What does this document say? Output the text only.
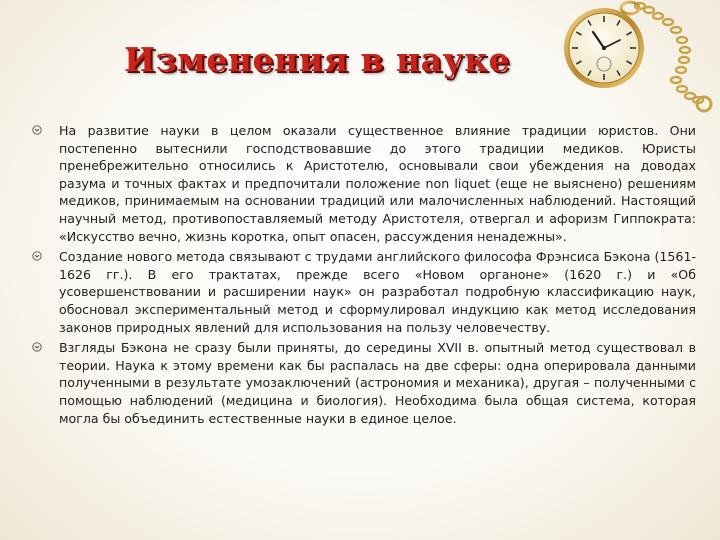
Изменения в науке

На развитие науки в целом оказали существенное влияние традиции юристов. Они постепенно вытеснили господствовавшие до этого традиции медиков. Юристы пренебрежительно относились к Аристотелю, основывали свои убеждения на доводах разума и точных фактах и предпочитали положение non liquet (еще не выяснено) решениям медиков, принимаемым на основании традиций или малочисленных наблюдений. Настоящий научный метод, противопоставляемый методу Аристотеля, отвергал и афоризм Гиппократа: «Искусство вечно, жизнь коротка, опыт опасен, рассуждения ненадежны».

Создание нового метода связывают с трудами английского философа Фрэнсиса Бэкона (1561-1626 гг.). В его трактатах, прежде всего «Новом органоне» (1620 г.) и «Об усовершенствовании и расширении наук» он разработал подробную классификацию наук, обосновал экспериментальный метод и сформулировал индукцию как метод исследования законов природных явлений для использования на пользу человечеству.

Взгляды Бэкона не сразу были приняты, до середины XVII в. опытный метод существовал в теории. Наука к этому времени как бы распалась на две сферы: одна оперировала данными полученными в результате умозаключений (астрономия и механика), другая – полученными с помощью наблюдений (медицина и биология). Необходима была общая система, которая могла бы объединить естественные науки в единое целое.
